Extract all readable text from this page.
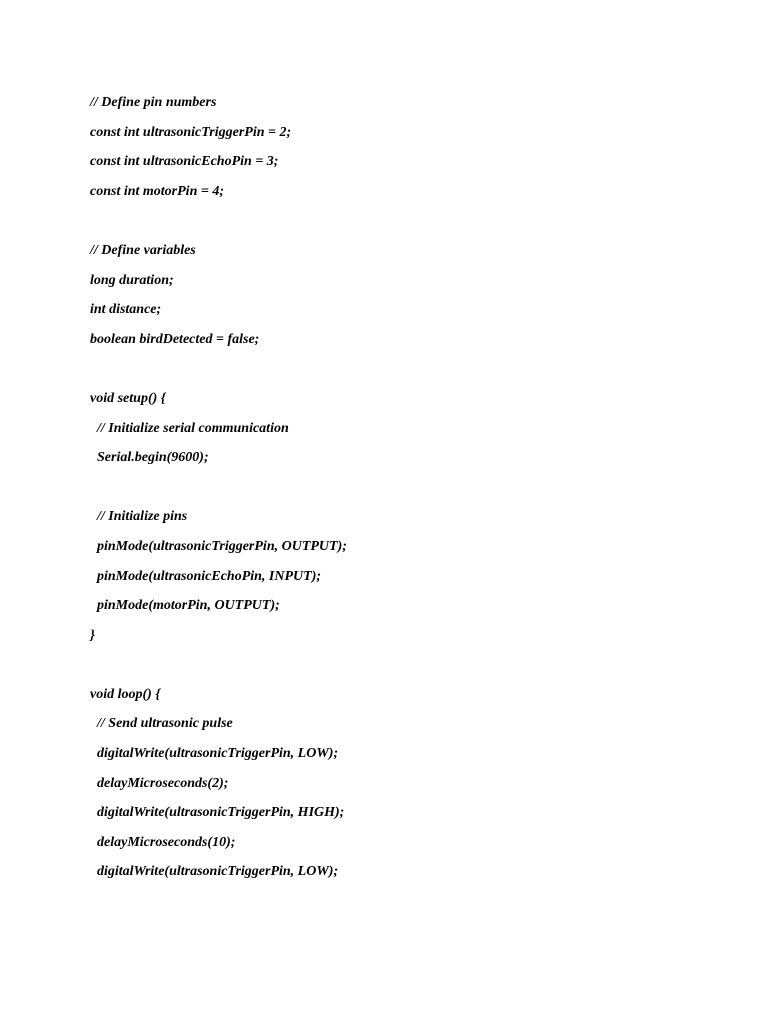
// Define pin numbers
const int ultrasonicTriggerPin = 2;
const int ultrasonicEchoPin = 3;
const int motorPin = 4;
// Define variables
long duration;
int distance;
boolean birdDetected = false;
void setup() {
// Initialize serial communication
Serial.begin(9600);
// Initialize pins
pinMode(ultrasonicTriggerPin, OUTPUT);
pinMode(ultrasonicEchoPin, INPUT);
pinMode(motorPin, OUTPUT);
}
void loop() {
// Send ultrasonic pulse
digitalWrite(ultrasonicTriggerPin, LOW);
delayMicroseconds(2);
digitalWrite(ultrasonicTriggerPin, HIGH);
delayMicroseconds(10);
digitalWrite(ultrasonicTriggerPin, LOW);
